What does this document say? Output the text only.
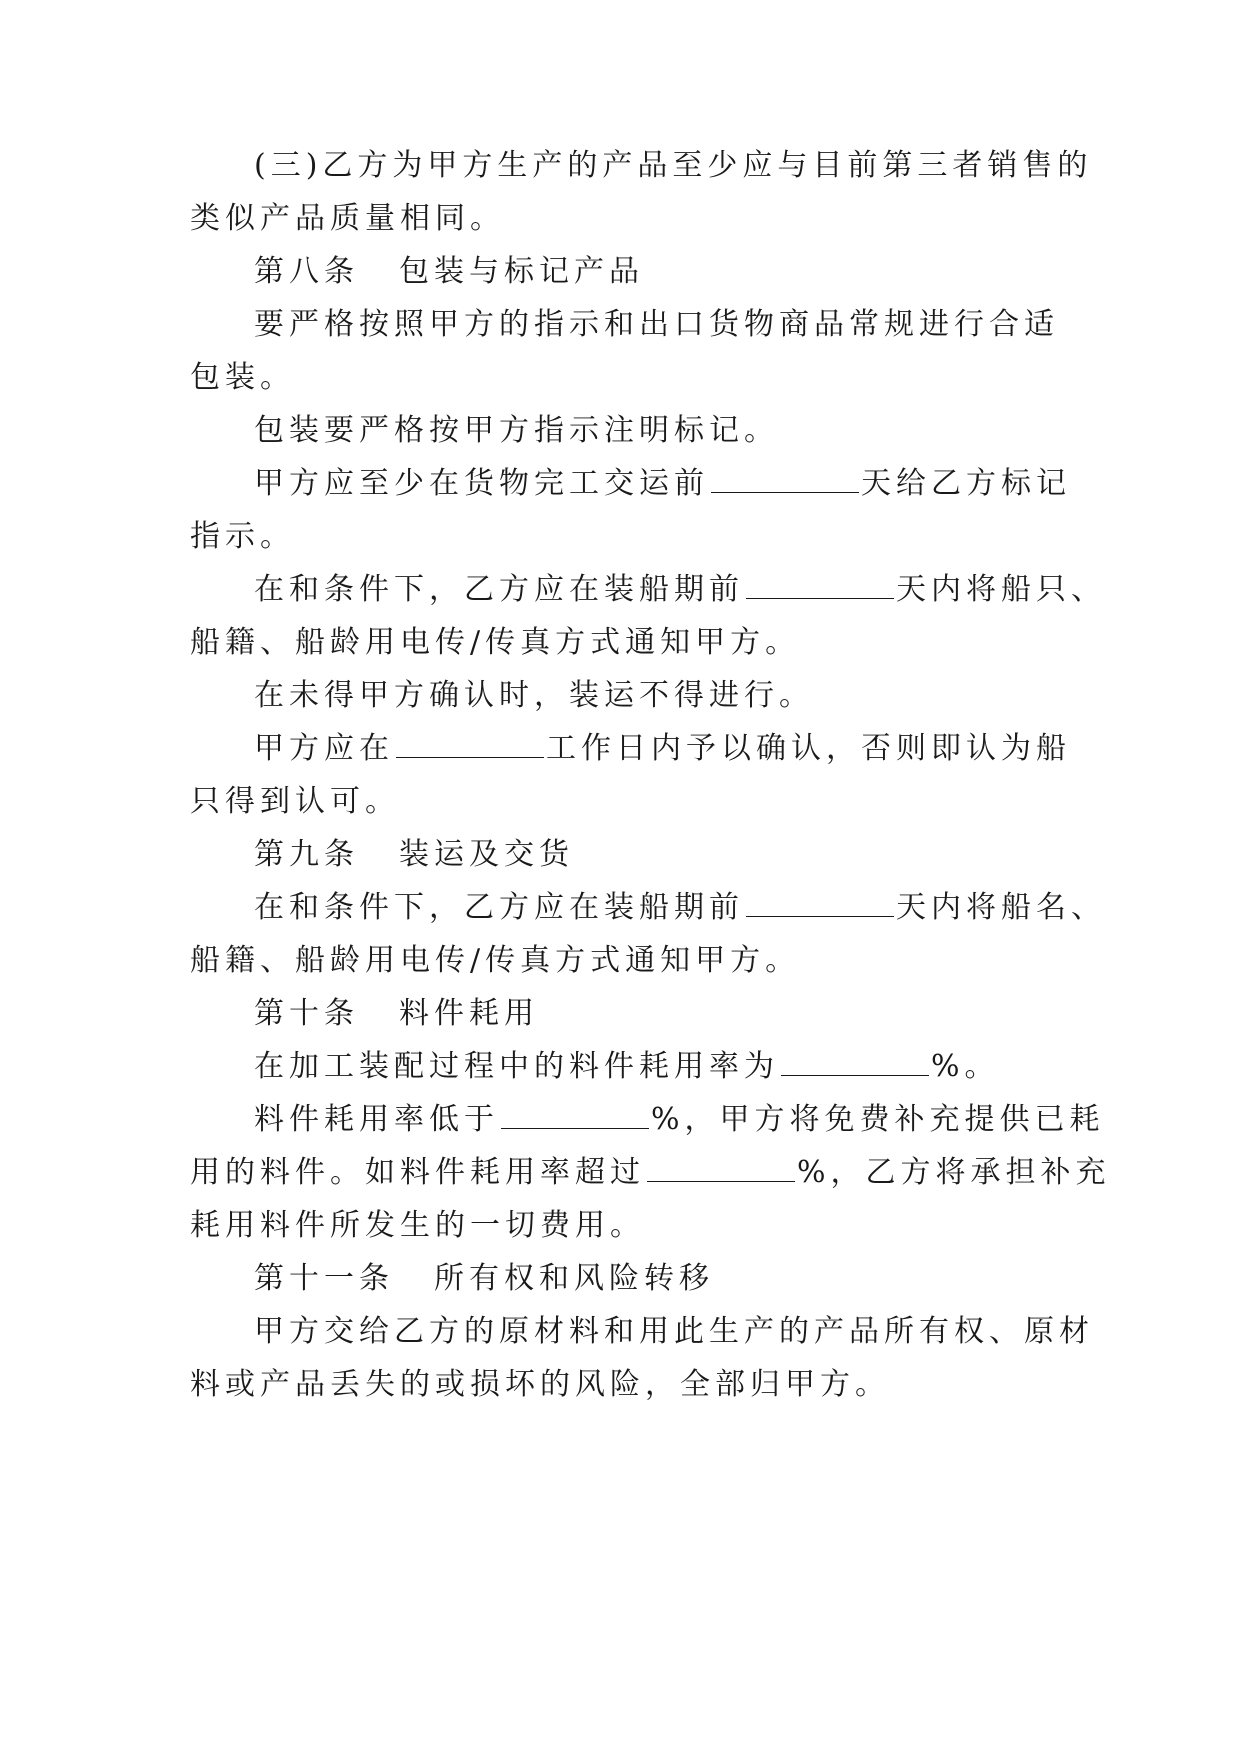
(三)乙方为甲方生产的产品至少应与目前第三者销售的
类似产品质量相同。
第八条 包装与标记产品
要严格按照甲方的指示和出口货物商品常规进行合适
包装。
包装要严格按甲方指示注明标记。
甲方应至少在货物完工交运前	天给乙方标记
指示。
在和条件下，乙方应在装船期前	天内将船只、
船籍、船龄用电传/传真方式通知甲方。
在未得甲方确认时，装运不得进行。
甲方应在	工作日内予以确认，否则即认为船
只得到认可。
第九条 装运及交货
在和条件下，乙方应在装船期前	天内将船名、
船籍、船龄用电传/传真方式通知甲方。
第十条 料件耗用
在加工装配过程中的料件耗用率为	%。
料件耗用率低于	%，甲方将免费补充提供已耗
用的料件。如料件耗用率超过	%，乙方将承担补充
耗用料件所发生的一切费用。
第十一条 所有权和风险转移
甲方交给乙方的原材料和用此生产的产品所有权、原材
料或产品丢失的或损坏的风险，全部归甲方。
